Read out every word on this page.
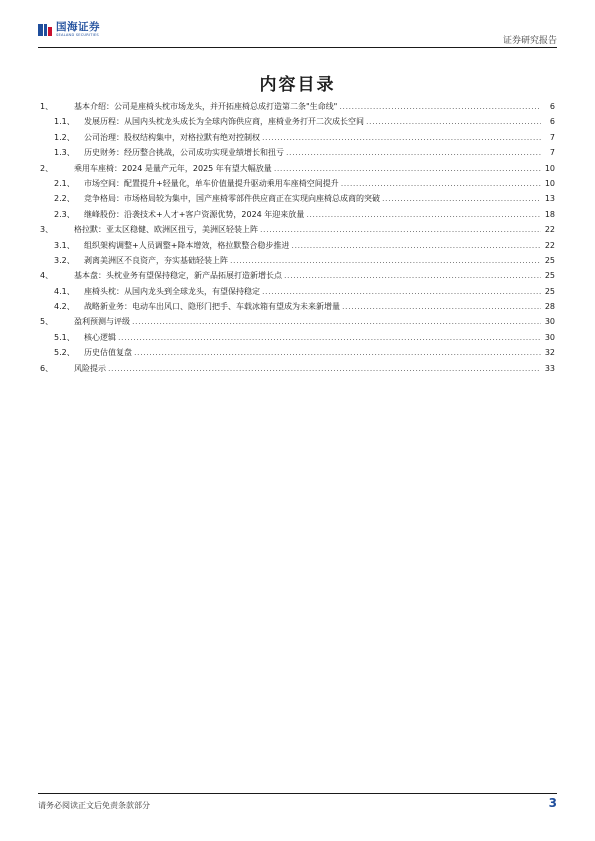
国海证券
SEALAND SECURITIES
证券研究报告
内容目录
1、	基本介绍：公司是座椅头枕市场龙头，并开拓座椅总成打造第二条"生命线" .....	6
1.1、	发展历程：从国内头枕龙头成长为全球内饰供应商，座椅业务打开二次成长空间 .....	6
1.2、	公司治理：股权结构集中，对格拉默有绝对控制权 .....	7
1.3、	历史财务：经历整合挑战，公司成功实现业绩增长和扭亏 .....	7
2、	乘用车座椅：2024 是量产元年，2025 年有望大幅放量 .....	10
2.1、	市场空间：配置提升+轻量化，单车价值量提升驱动乘用车座椅空间提升 .....	10
2.2、	竞争格局：市场格局较为集中，国产座椅零部件供应商正在实现向座椅总成商的突破 .....	13
2.3、	继峰股份：沿袭技术+人才+客户资源优势，2024 年迎来放量 .....	18
3、	格拉默：亚太区稳健、欧洲区扭亏，美洲区轻装上阵 .....	22
3.1、	组织架构调整+人员调整+降本增效，格拉默整合稳步推进 .....	22
3.2、	剥离美洲区不良资产，夯实基础轻装上阵 .....	25
4、	基本盘：头枕业务有望保持稳定，新产品拓展打造新增长点 .....	25
4.1、	座椅头枕：从国内龙头到全球龙头，有望保持稳定 .....	25
4.2、	战略新业务：电动车出风口、隐形门把手、车载冰箱有望成为未来新增量 .....	28
5、	盈利预测与评级 .....	30
5.1、	核心逻辑 .....	30
5.2、	历史估值复盘 .....	32
6、	风险提示 .....	33
请务必阅读正文后免责条款部分	3
